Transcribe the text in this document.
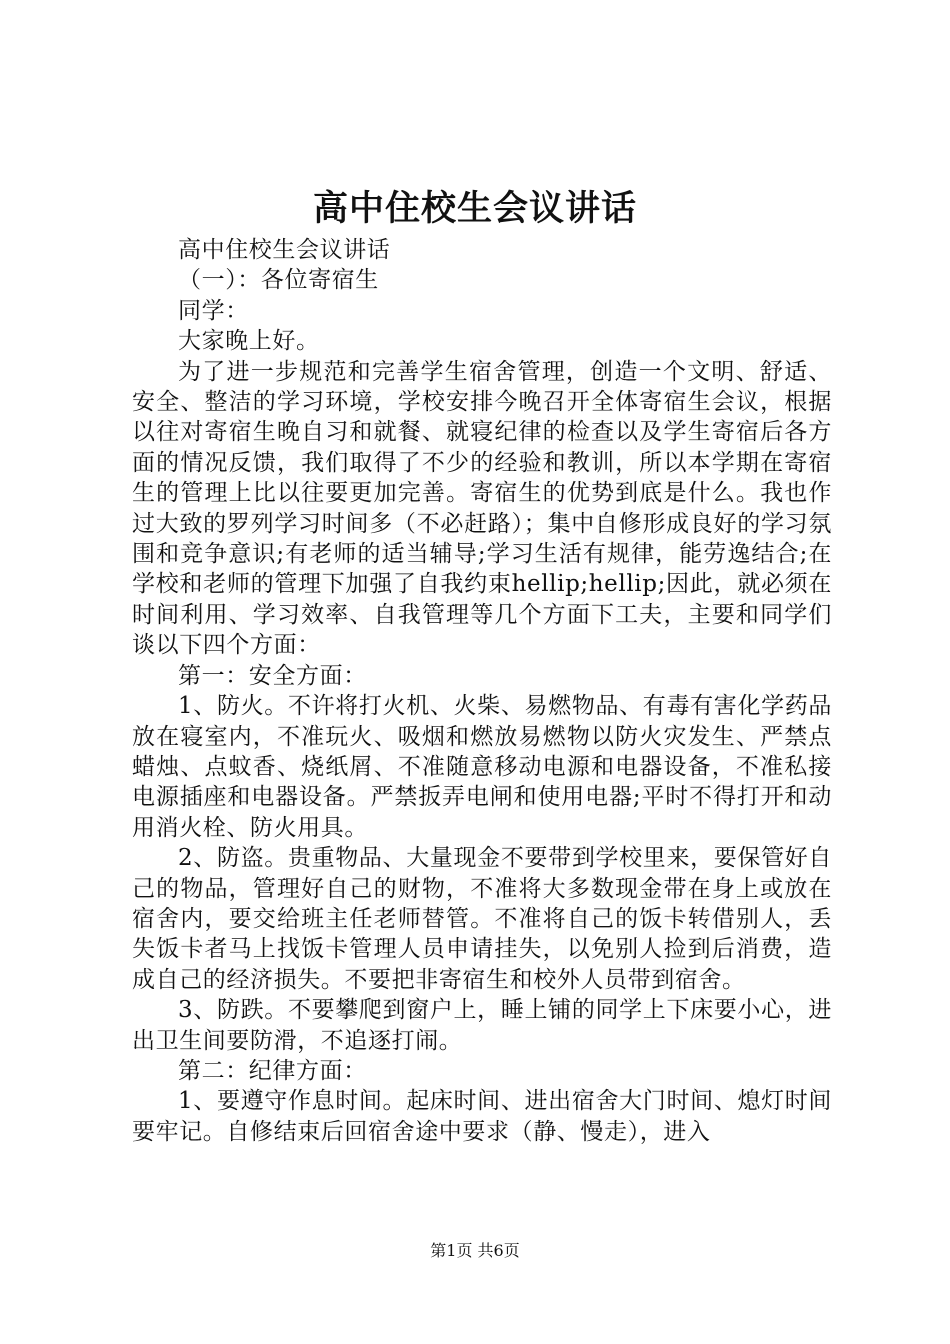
高中住校生会议讲话

高中住校生会议讲话

（一）：各位寄宿生

同学：

大家晚上好。

为了进一步规范和完善学生宿舍管理，创造一个文明、舒适、安全、整洁的学习环境，学校安排今晚召开全体寄宿生会议，根据以往对寄宿生晚自习和就餐、就寝纪律的检查以及学生寄宿后各方面的情况反馈，我们取得了不少的经验和教训，所以本学期在寄宿生的管理上比以往要更加完善。寄宿生的优势到底是什么。我也作过大致的罗列学习时间多（不必赶路）；集中自修形成良好的学习氛围和竞争意识;有老师的适当辅导;学习生活有规律，能劳逸结合;在学校和老师的管理下加强了自我约束hellip;hellip;因此，就必须在时间利用、学习效率、自我管理等几个方面下工夫，主要和同学们谈以下四个方面：

第一：安全方面：

1、防火。不许将打火机、火柴、易燃物品、有毒有害化学药品放在寝室内，不准玩火、吸烟和燃放易燃物以防火灾发生、严禁点蜡烛、点蚊香、烧纸屑、不准随意移动电源和电器设备，不准私接电源插座和电器设备。严禁扳弄电闸和使用电器;平时不得打开和动用消火栓、防火用具。

2、防盗。贵重物品、大量现金不要带到学校里来，要保管好自己的物品，管理好自己的财物，不准将大多数现金带在身上或放在宿舍内，要交给班主任老师替管。不准将自己的饭卡转借别人，丢失饭卡者马上找饭卡管理人员申请挂失，以免别人捡到后消费，造成自己的经济损失。不要把非寄宿生和校外人员带到宿舍。

3、防跌。不要攀爬到窗户上，睡上铺的同学上下床要小心，进出卫生间要防滑，不追逐打闹。

第二：纪律方面：

1、要遵守作息时间。起床时间、进出宿舍大门时间、熄灯时间要牢记。自修结束后回宿舍途中要求（静、慢走），进入

第1页 共6页
